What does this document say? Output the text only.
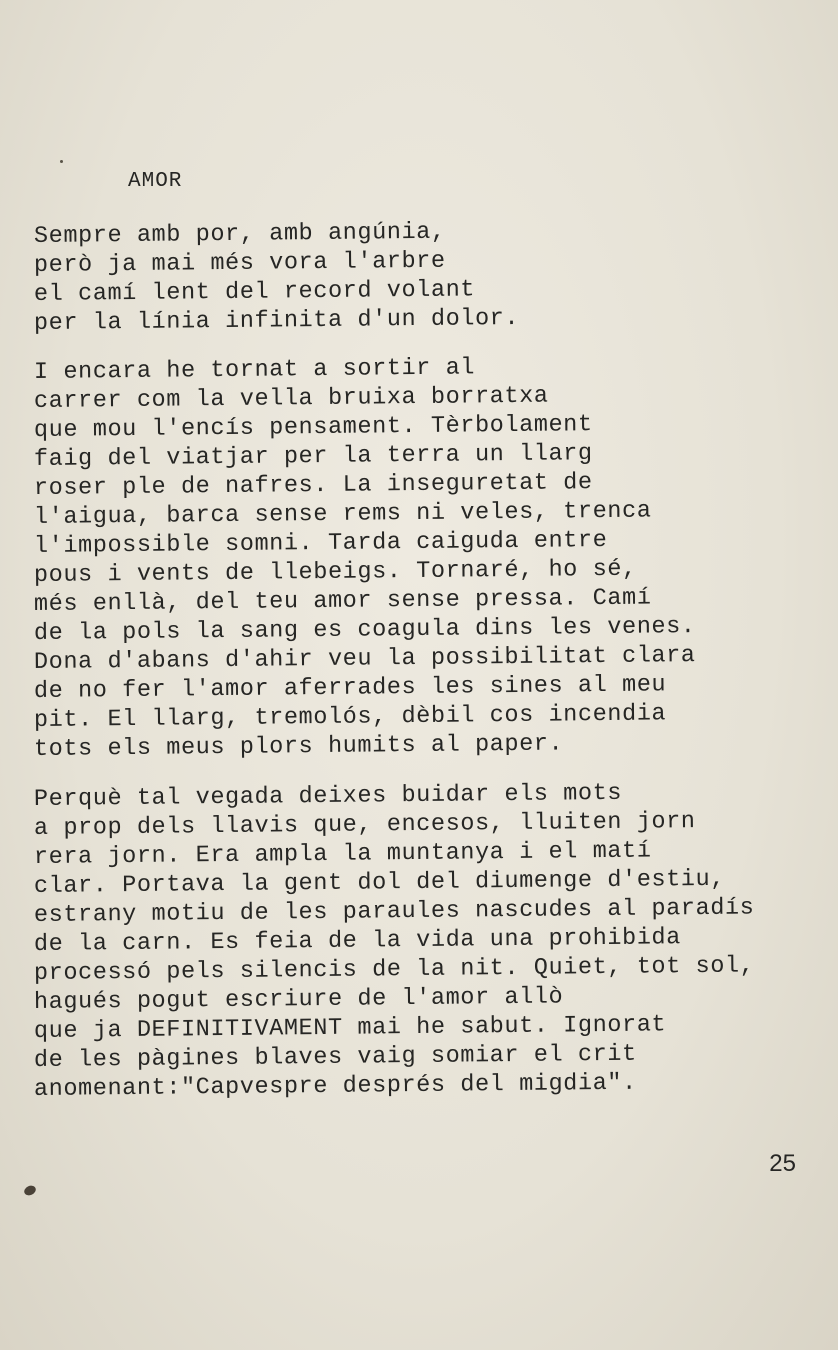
AMOR

Sempre amb por, amb angúnia,
però ja mai més vora l'arbre
el camí lent del record volant
per la línia infinita d'un dolor.

I encara he tornat a sortir al
carrer com la vella bruixa borratxa
que mou l'encís pensament. Tèrbolament
faig del viatjar per la terra un llarg
roser ple de nafres. La inseguretat de
l'aigua, barca sense rems ni veles, trenca
l'impossible somni. Tarda caiguda entre
pous i vents de llebeigs. Tornaré, ho sé,
més enllà, del teu amor sense pressa. Camí
de la pols la sang es coagula dins les venes.
Dona d'abans d'ahir veu la possibilitat clara
de no fer l'amor aferrades les sines al meu
pit. El llarg, tremolós, dèbil cos incendia
tots els meus plors humits al paper.

Perquè tal vegada deixes buidar els mots
a prop dels llavis que, encesos, lluiten jorn
rera jorn. Era ampla la muntanya i el matí
clar. Portava la gent dol del diumenge d'estiu,
estrany motiu de les paraules nascudes al paradís
de la carn. Es feia de la vida una prohibida
processó pels silencis de la nit. Quiet, tot sol,
hagués pogut escriure de l'amor allò
que ja DEFINITIVAMENT mai he sabut. Ignorat
de les pàgines blaves vaig somiar el crit
anomenant:"Capvespre després del migdia".

25
